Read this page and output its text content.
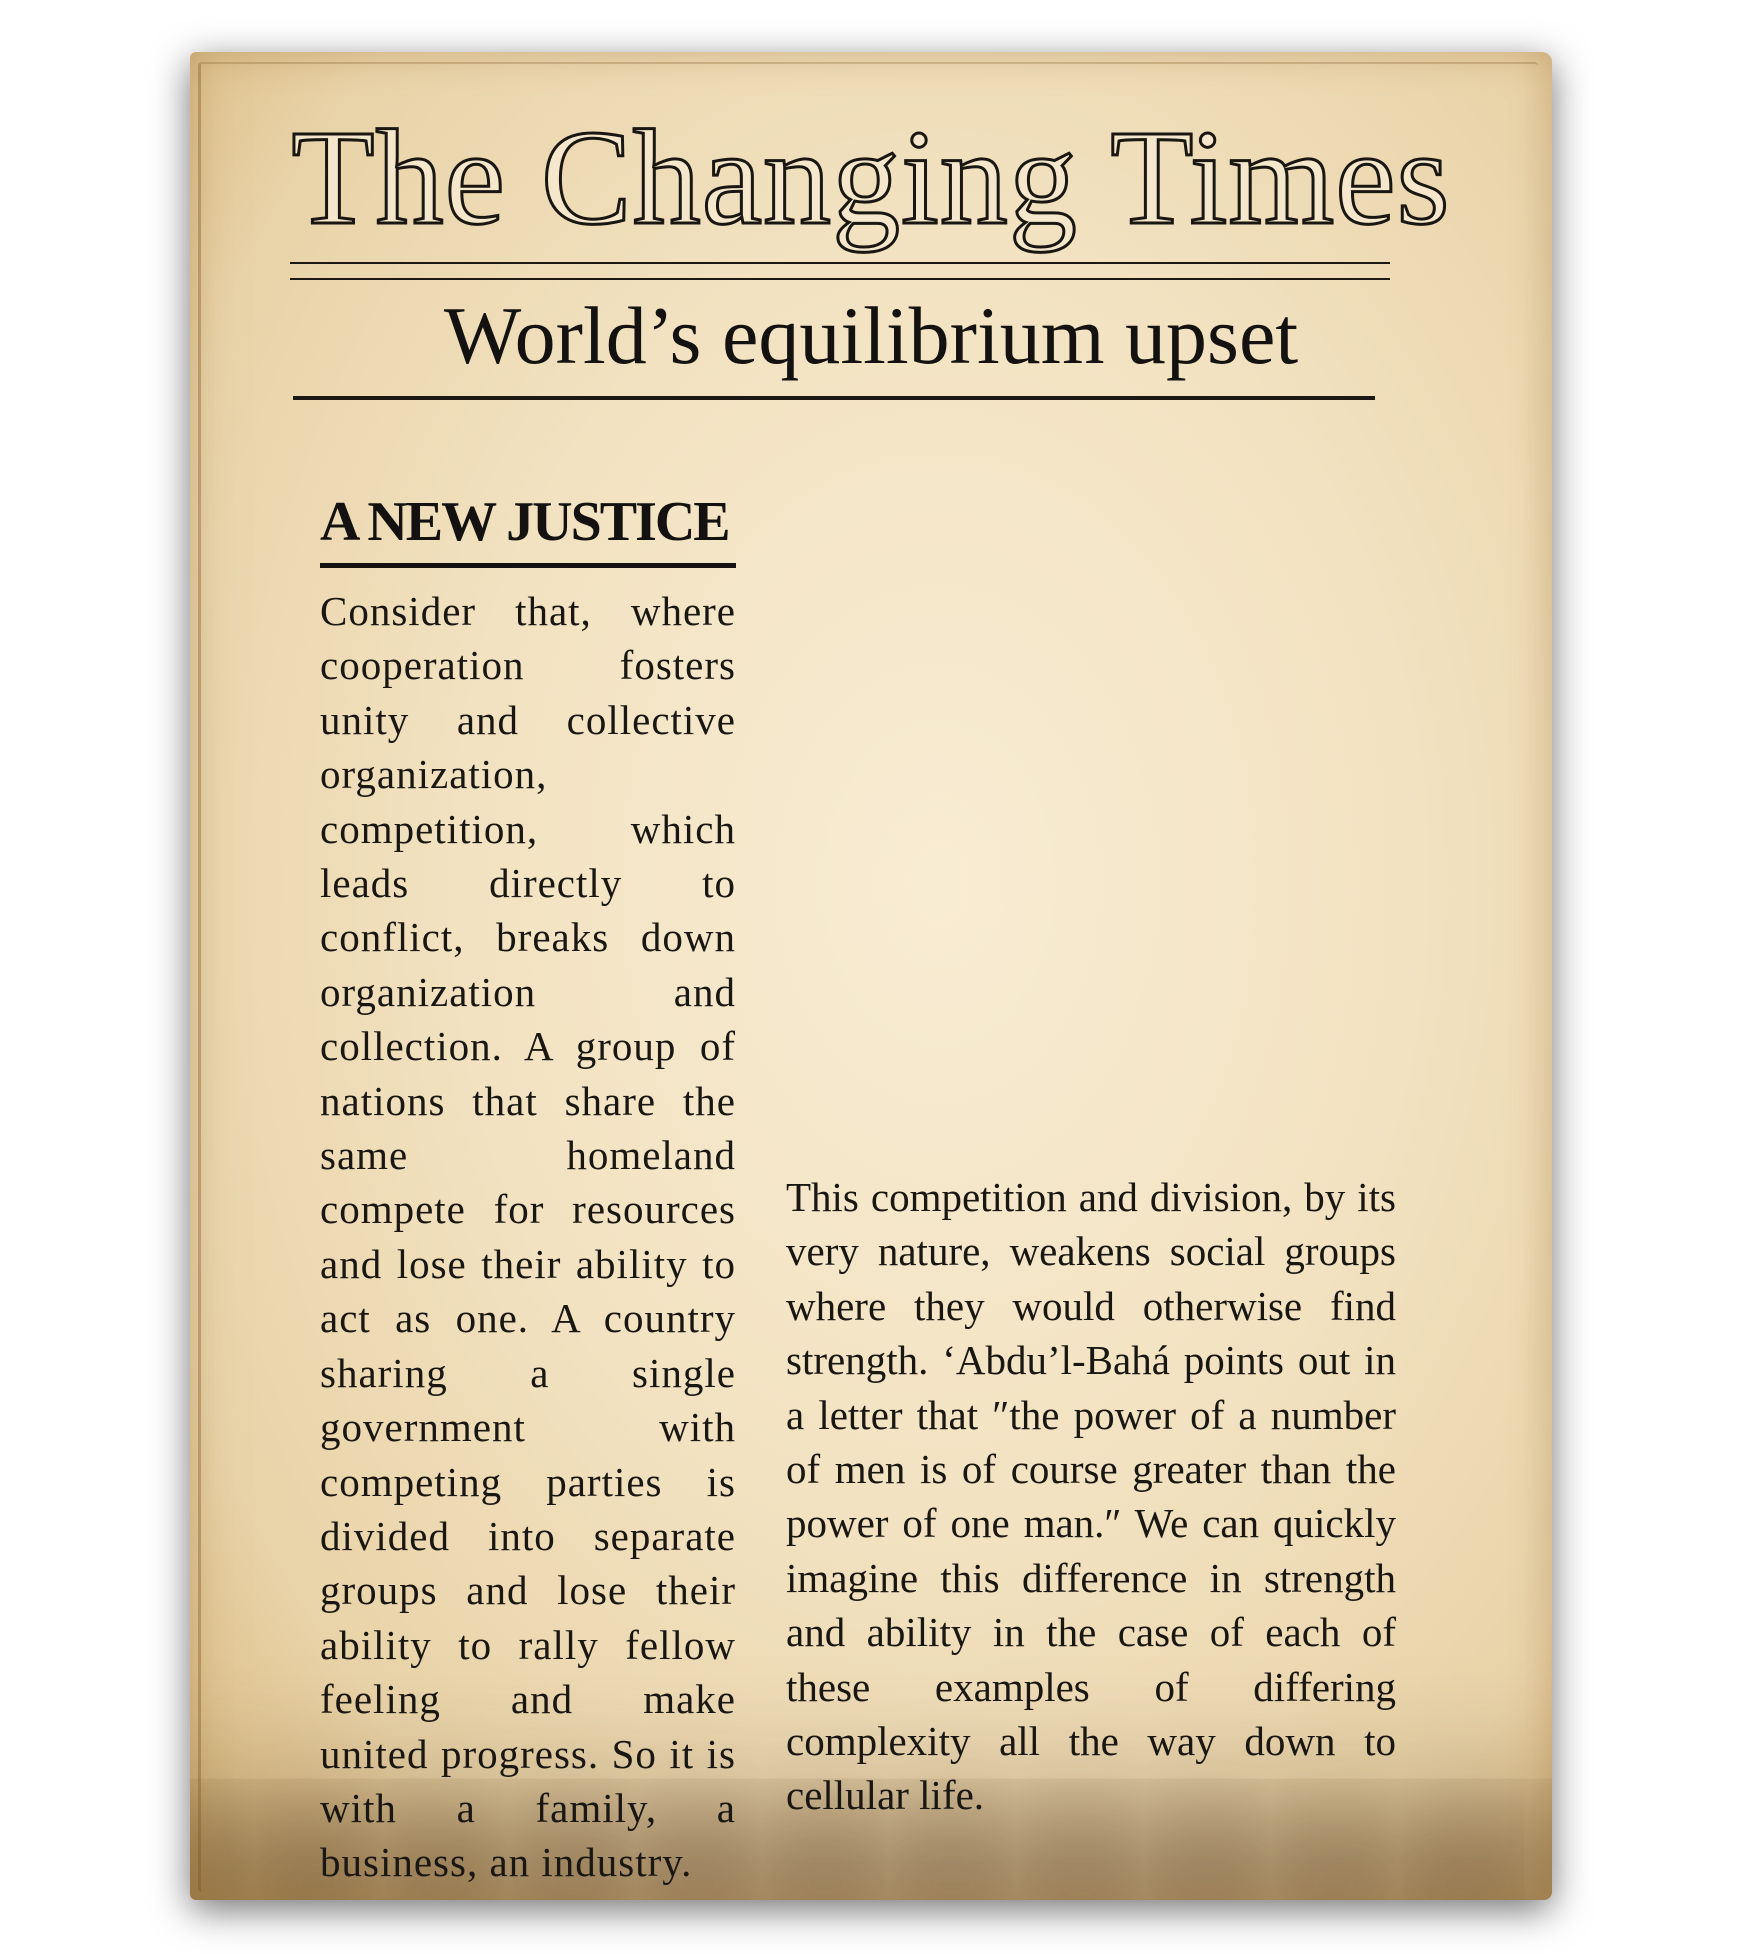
The Changing Times
World’s equilibrium upset
A NEW JUSTICE

Consider that, where cooperation fosters unity and collective organization, competition, which leads directly to conflict, breaks down organization and collection. A group of nations that share the same homeland compete for resources and lose their ability to act as one. A country sharing a single government with competing parties is divided into separate groups and lose their ability to rally fellow feeling and make united progress. So it is with a family, a business, an industry.

This competition and division, by its very nature, weakens social groups where they would otherwise find strength. ‘Abdu’l-Bahá points out in a letter that ″the power of a number of men is of course greater than the power of one man.″ We can quickly imagine this difference in strength and ability in the case of each of these examples of differing complexity all the way down to cellular life.
